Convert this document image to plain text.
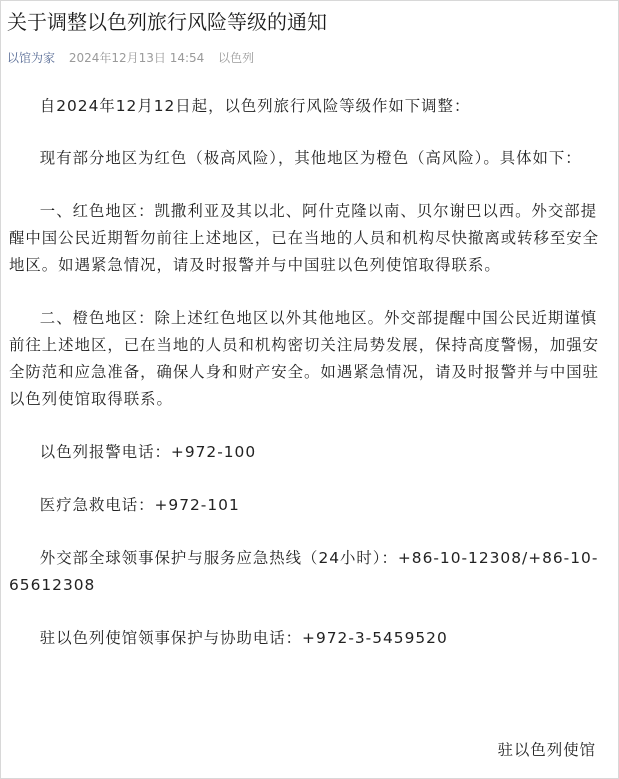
关于调整以色列旅行风险等级的通知
以馆为家 2024年12月13日 14:54 以色列

自2024年12月12日起，以色列旅行风险等级作如下调整：

现有部分地区为红色（极高风险），其他地区为橙色（高风险）。具体如下：

一、红色地区：凯撒利亚及其以北、阿什克隆以南、贝尔谢巴以西。外交部提醒中国公民近期暂勿前往上述地区，已在当地的人员和机构尽快撤离或转移至安全地区。如遇紧急情况，请及时报警并与中国驻以色列使馆取得联系。

二、橙色地区：除上述红色地区以外其他地区。外交部提醒中国公民近期谨慎前往上述地区，已在当地的人员和机构密切关注局势发展，保持高度警惕，加强安全防范和应急准备，确保人身和财产安全。如遇紧急情况，请及时报警并与中国驻以色列使馆取得联系。

以色列报警电话：+972-100

医疗急救电话：+972-101

外交部全球领事保护与服务应急热线（24小时）：+86-10-12308/+86-10-65612308

驻以色列使馆领事保护与协助电话：+972-3-5459520

驻以色列使馆
